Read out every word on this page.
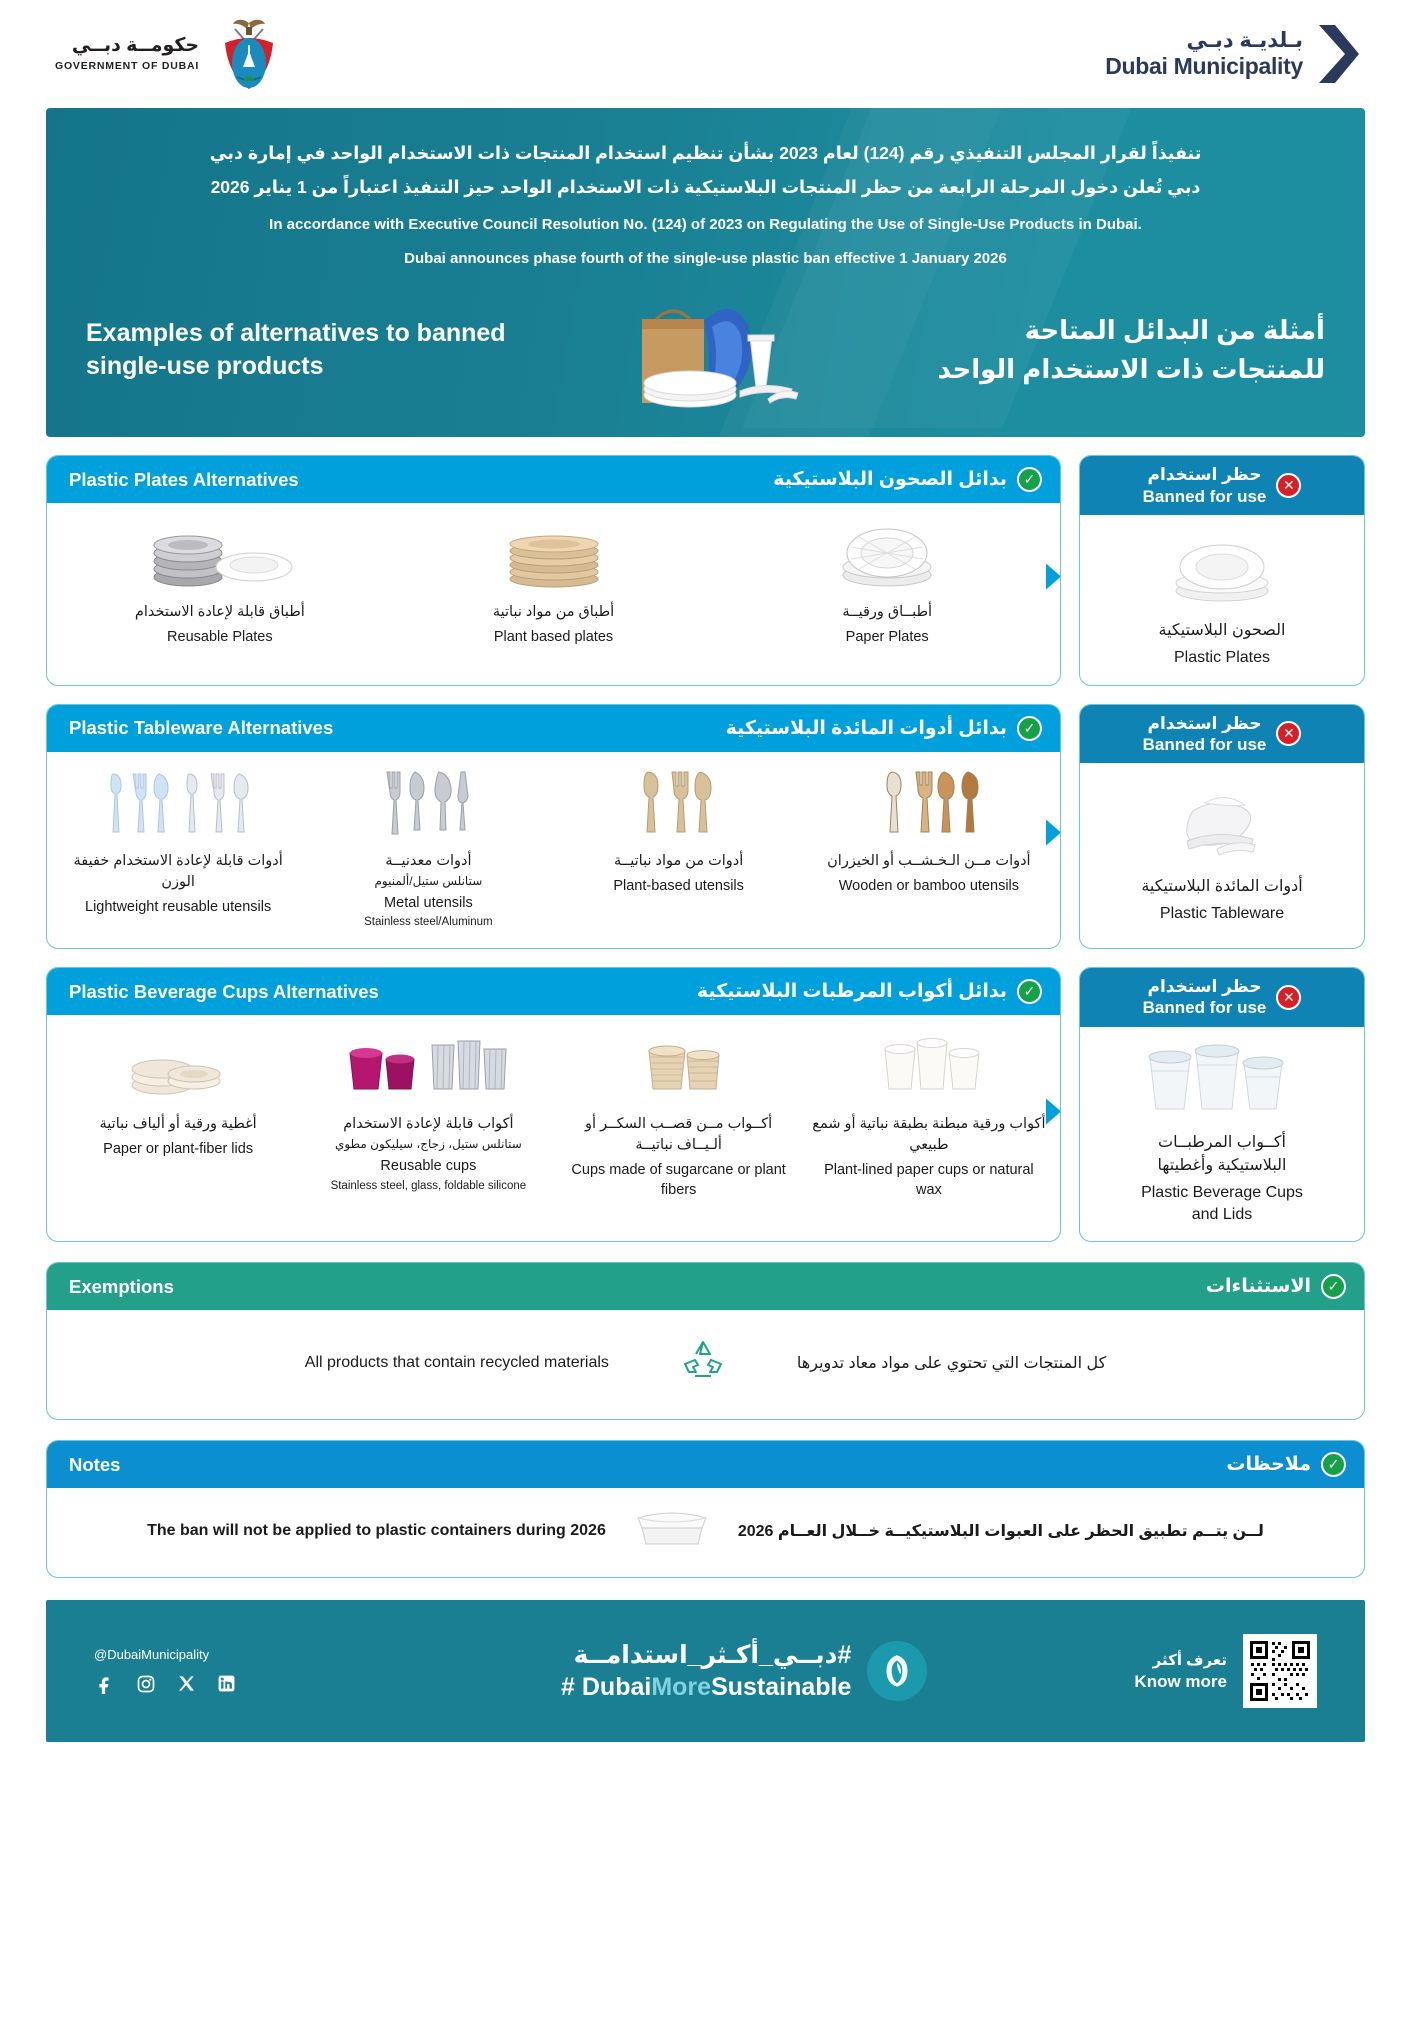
حكومــة دبــي
GOVERNMENT OF DUBAI
بـلديـة دبـي
Dubai Municipality
تنفيذاً لقرار المجلس التنفيذي رقم (124) لعام 2023 بشأن تنظيم استخدام المنتجات ذات الاستخدام الواحد في إمارة دبي
دبي تُعلن دخول المرحلة الرابعة من حظر المنتجات البلاستيكية ذات الاستخدام الواحد حيز التنفيذ اعتباراً من 1 يناير 2026
In accordance with Executive Council Resolution No. (124) of 2023 on Regulating the Use of Single-Use Products in Dubai.
Dubai announces phase fourth of the single-use plastic ban effective 1 January 2026
Examples of alternatives to banned single-use products
أمثلة من البدائل المتاحة
للمنتجات ذات الاستخدام الواحد
Plastic Plates Alternatives	بدائل الصحون البلاستيكية	✓
أطباق قابلة لإعادة الاستخدام
Reusable Plates
أطباق من مواد نباتية
Plant based plates
أطبــاق ورقيــة
Paper Plates
حظر استخدام
Banned for use
✕
الصحون البلاستيكية
Plastic Plates
Plastic Tableware Alternatives	بدائل أدوات المائدة البلاستيكية	✓
أدوات قابلة لإعادة الاستخدام خفيفة الوزن
Lightweight reusable utensils
أدوات معدنيــة
ستانلس ستيل/ألمنيوم
Metal utensils
Stainless steel/Aluminum
أدوات من مواد نباتيــة
Plant-based utensils
أدوات مــن الـخـشــب أو الخيزران
Wooden or bamboo utensils
حظر استخدام
Banned for use
✕
أدوات المائدة البلاستيكية
Plastic Tableware
Plastic Beverage Cups Alternatives	بدائل أكواب المرطبات البلاستيكية	✓
أغطية ورقية أو ألياف نباتية
Paper or plant-fiber lids
أكواب قابلة لإعادة الاستخدام
ستانلس ستيل، زجاج، سيليكون مطوي
Reusable cups
Stainless steel, glass, foldable silicone
أكــواب مــن قصــب السكــر أو ألـيــاف نباتيــة
Cups made of sugarcane or plant fibers
أكواب ورقية مبطنة بطبقة نباتية أو شمع طبيعي
Plant-lined paper cups or natural wax
حظر استخدام
Banned for use
✕
أكــواب المرطبــات
البلاستيكية وأغطيتها
Plastic Beverage Cups
and Lids
Exemptions	الاستثناءات	✓
All products that contain recycled materials	كل المنتجات التي تحتوي على مواد معاد تدويرها
Notes	ملاحظات	✓
The ban will not be applied to plastic containers during 2026	لــن يتــم تطبيق الحظر على العبوات البلاستيكيــة خــلال العــام 2026
@DubaiMunicipality	#دبــي_أكـثر_استدامــة
# DubaiMoreSustainable
تعرف أكثر
Know more
